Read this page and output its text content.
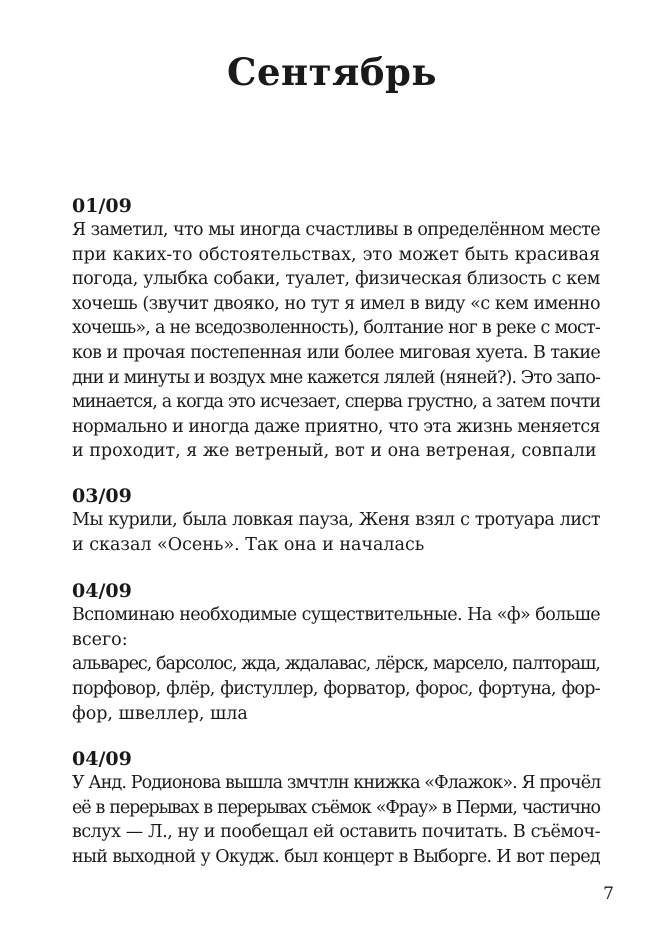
Сентябрь
01/09
Я заметил, что мы иногда счастливы в определённом месте
при каких-то обстоятельствах, это может быть красивая
погода, улыбка собаки, туалет, физическая близость с кем
хочешь (звучит двояко, но тут я имел в виду «с кем именно
хочешь», а не вседозволенность), болтание ног в реке с мост-
ков и прочая постепенная или более миговая хуета. В такие
дни и минуты и воздух мне кажется лялей (няней?). Это запо-
минается, а когда это исчезает, сперва грустно, а затем почти
нормально и иногда даже приятно, что эта жизнь меняется
и проходит, я же ветреный, вот и она ветреная, совпали
03/09
Мы курили, была ловкая пауза, Женя взял с тротуара лист
и сказал «Осень». Так она и началась
04/09
Вспоминаю необходимые существительные. На «ф» больше
всего:
альварес, барсолос, жда, ждалавас, лёрск, марсело, палтораш,
порфовор, флёр, фистуллер, форватор, форос, фортуна, фор-
фор, швеллер, шла
04/09
У Анд. Родионова вышла змчтлн книжка «Флажок». Я прочёл
её в перерывах в перерывах съёмок «Фрау» в Перми, частично
вслух — Л., ну и пообещал ей оставить почитать. В съёмоч-
ный выходной у Окудж. был концерт в Выборге. И вот перед
7
